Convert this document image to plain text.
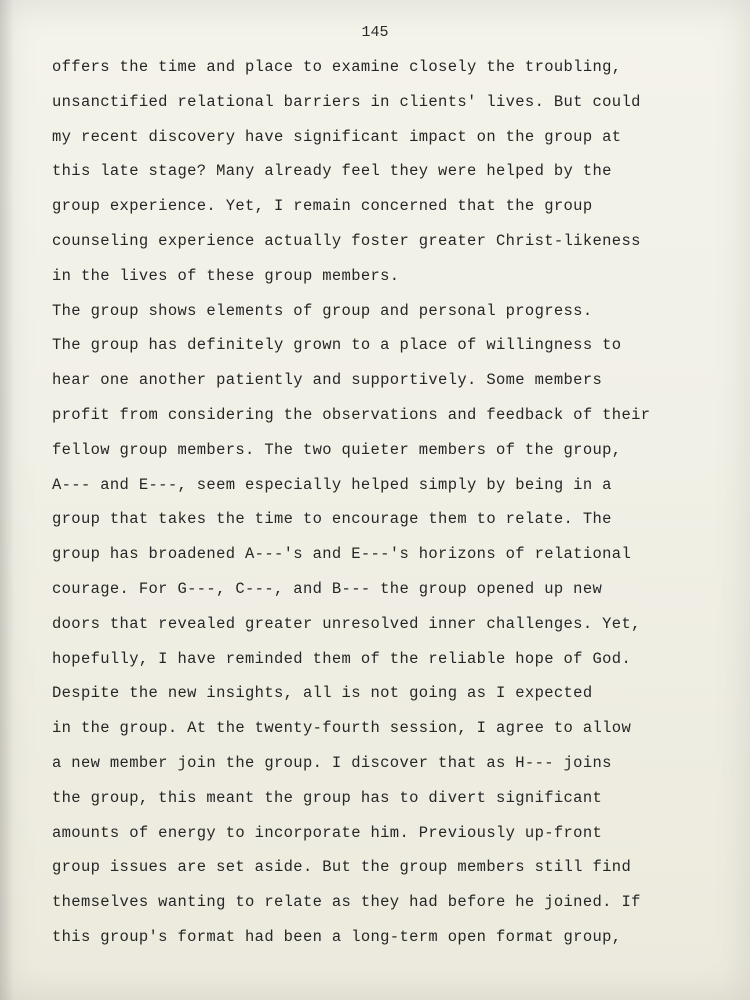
145
offers the time and place to examine closely the troubling,
unsanctified relational barriers in clients' lives. But could
my recent discovery have significant impact on the group at
this late stage? Many already feel they were helped by the
group experience. Yet, I remain concerned that the group
counseling experience actually foster greater Christ-likeness
in the lives of these group members.
The group shows elements of group and personal progress.
The group has definitely grown to a place of willingness to
hear one another patiently and supportively. Some members
profit from considering the observations and feedback of their
fellow group members. The two quieter members of the group,
A--- and E---, seem especially helped simply by being in a
group that takes the time to encourage them to relate. The
group has broadened A---'s and E---'s horizons of relational
courage. For G---, C---, and B--- the group opened up new
doors that revealed greater unresolved inner challenges. Yet,
hopefully, I have reminded them of the reliable hope of God.
Despite the new insights, all is not going as I expected
in the group. At the twenty-fourth session, I agree to allow
a new member join the group. I discover that as H--- joins
the group, this meant the group has to divert significant
amounts of energy to incorporate him. Previously up-front
group issues are set aside. But the group members still find
themselves wanting to relate as they had before he joined. If
this group's format had been a long-term open format group,
